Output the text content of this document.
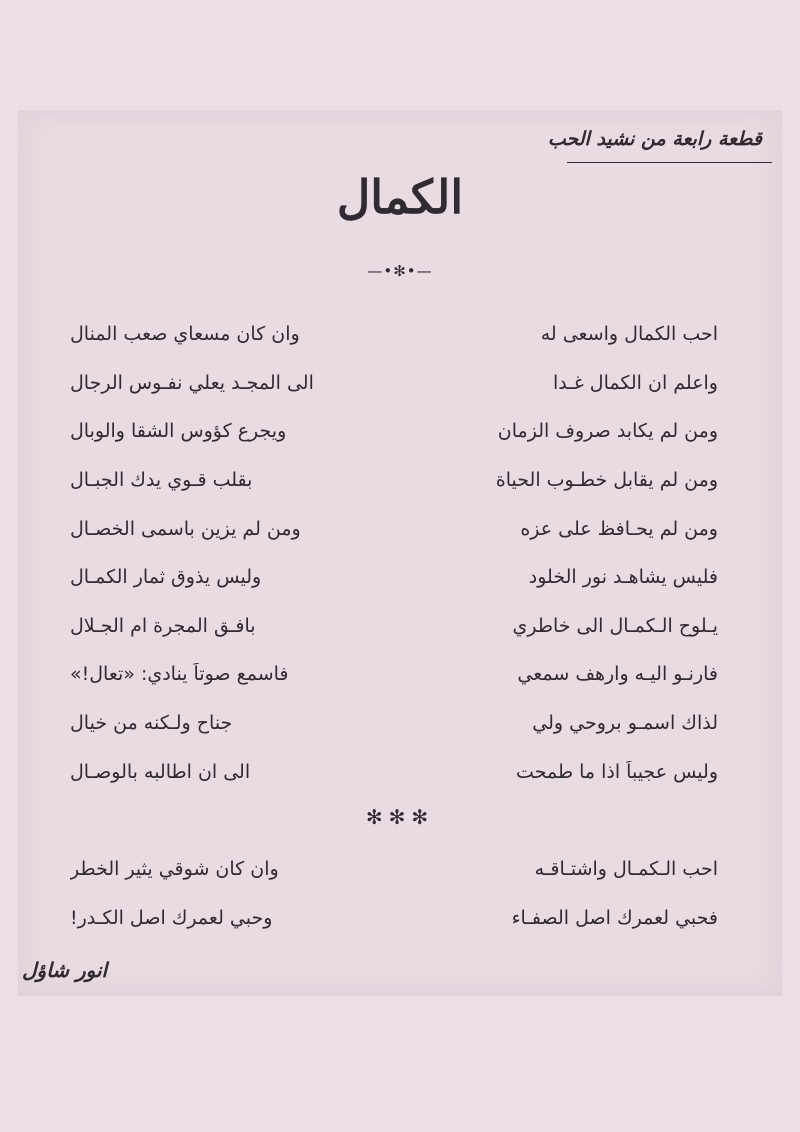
قطعة رابعة من نشيد الحب
الكمال
—•✻•—
احب الكمال واسعى له
وان كان مسعاي صعب المنال
واعلم ان الكمال غـدا
الى المجـد يعلي نفـوس الرجال
ومن لم يكابد صروف الزمان
ويجرع كؤوس الشقا والوبال
ومن لم يقابل خطـوب الحياة
بقلب قـوي يدك الجبـال
ومن لم يحـافظ على عزه
ومن لم يزين باسمى الخصـال
فليس يشاهـد نور الخلود
وليس يذوق ثمار الكمـال
يـلوح الـكمـال الى خاطري
بافـق المجرة ام الجـلال
فارنـو اليـه وارهف سمعي
فاسمع صوتاً ينادي: «تعال!»
لذاك اسمـو بروحي ولي
جناح ولـكنه من خيال
وليس عجيباً اذا ما طمحت
الى ان اطالبه بالوصـال
✻✻✻
احب الـكمـال واشتـاقـه
وان كان شوقي يثير الخطر
فحبي لعمرك اصل الصفـاء
وحبي لعمرك اصل الكـدر!
انور شاؤل
